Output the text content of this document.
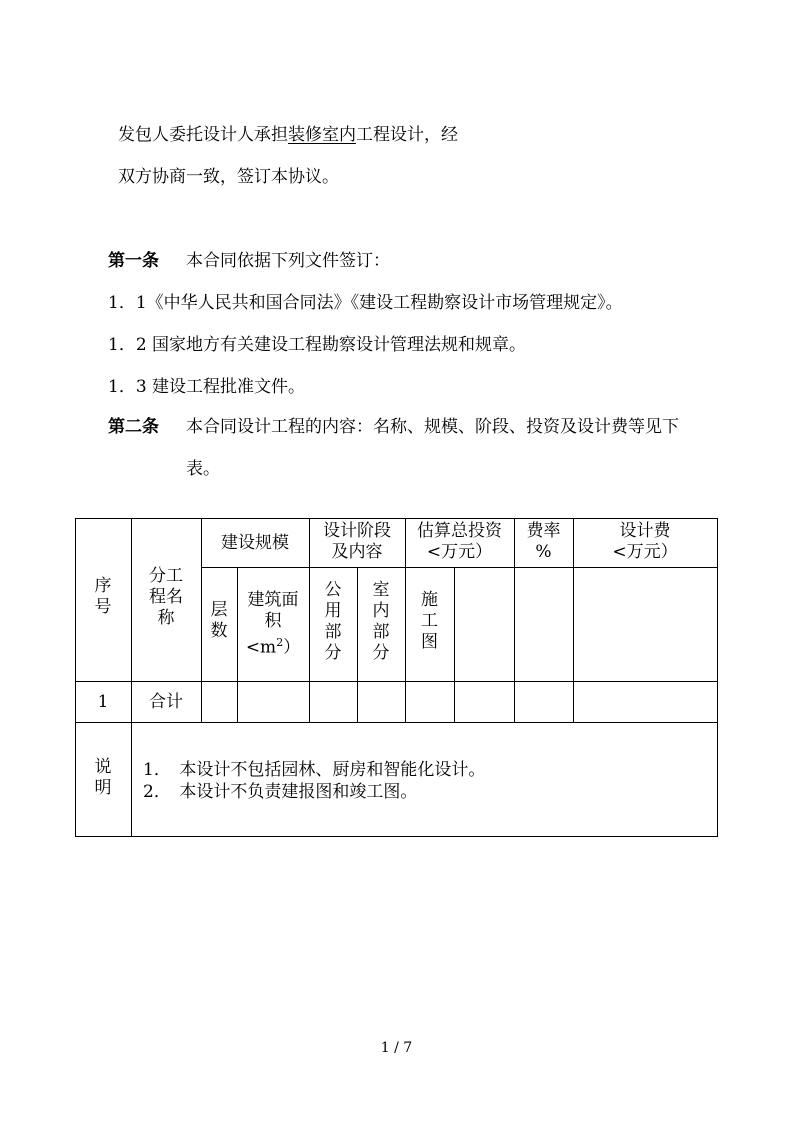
发包人委托设计人承担装修室内工程设计，经
双方协商一致，签订本协议。
第一条 本合同依据下列文件签订：
1．1《中华人民共和国合同法》《建设工程勘察设计市场管理规定》。
1．2 国家地方有关建设工程勘察设计管理法规和规章。
1．3 建设工程批准文件。
第二条 本合同设计工程的内容：名称、规模、阶段、投资及设计费等见下
表。
序
号
分工
程名
称
建设规模
设计阶段
及内容
估算总投资
<万元）
费率
%
设计费
<万元）
层
数
建筑面
积
$<m^2$）
公
用
部
分
室
内
部
分
施
工
图
1	合计
说
明
1．　本设计不包括园林、厨房和智能化设计。
2．　本设计不负责建报图和竣工图。
1 / 7
